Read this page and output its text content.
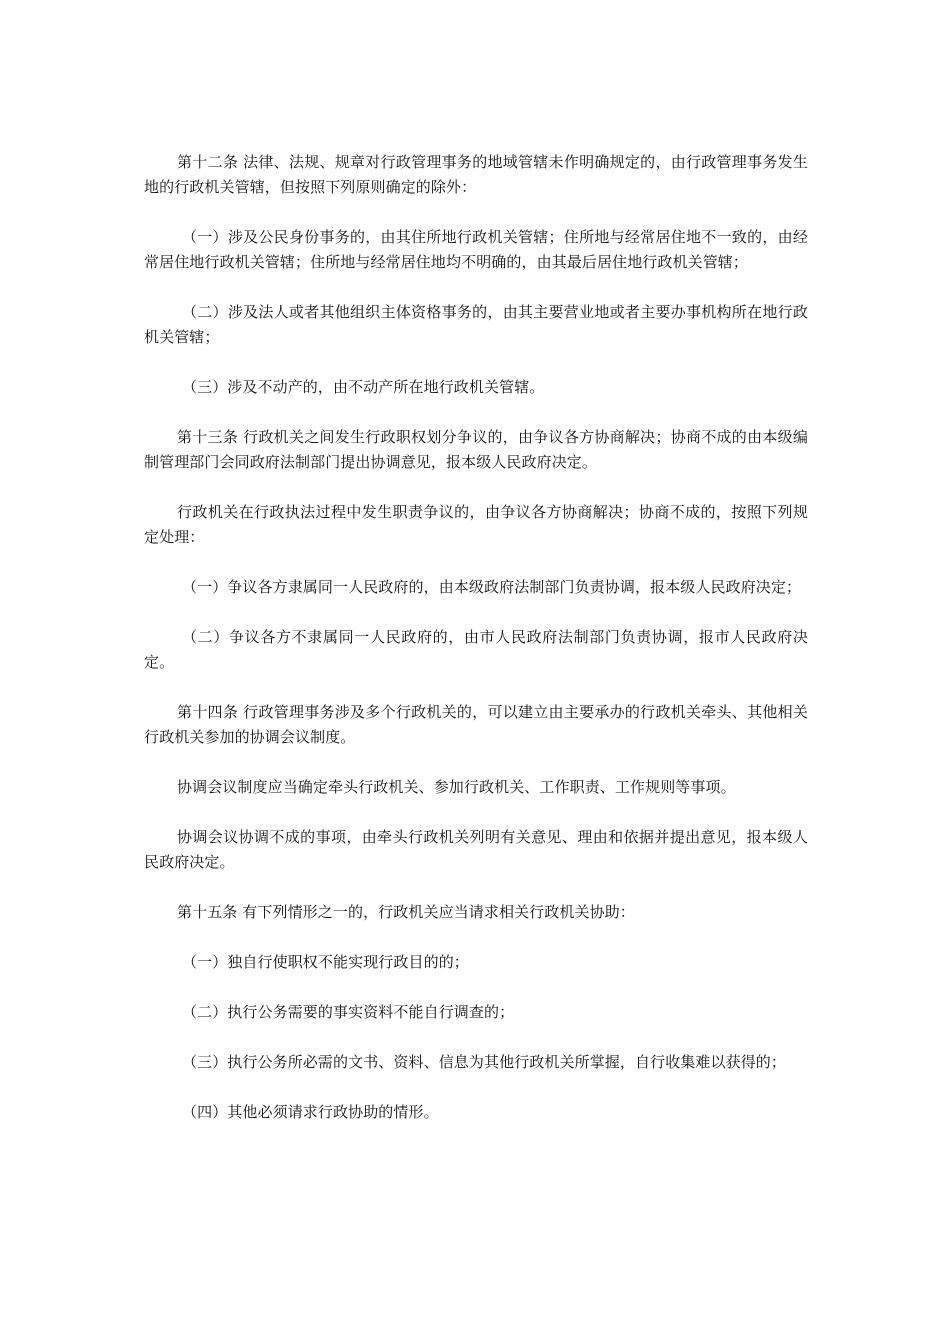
第十二条 法律、法规、规章对行政管理事务的地域管辖未作明确规定的，由行政管理事务发生地的行政机关管辖，但按照下列原则确定的除外：

（一）涉及公民身份事务的，由其住所地行政机关管辖；住所地与经常居住地不一致的，由经常居住地行政机关管辖；住所地与经常居住地均不明确的，由其最后居住地行政机关管辖；

（二）涉及法人或者其他组织主体资格事务的，由其主要营业地或者主要办事机构所在地行政机关管辖；

（三）涉及不动产的，由不动产所在地行政机关管辖。

第十三条 行政机关之间发生行政职权划分争议的，由争议各方协商解决；协商不成的由本级编制管理部门会同政府法制部门提出协调意见，报本级人民政府决定。

行政机关在行政执法过程中发生职责争议的，由争议各方协商解决；协商不成的，按照下列规定处理：

（一）争议各方隶属同一人民政府的，由本级政府法制部门负责协调，报本级人民政府决定；

（二）争议各方不隶属同一人民政府的，由市人民政府法制部门负责协调，报市人民政府决定。

第十四条 行政管理事务涉及多个行政机关的，可以建立由主要承办的行政机关牵头、其他相关行政机关参加的协调会议制度。

协调会议制度应当确定牵头行政机关、参加行政机关、工作职责、工作规则等事项。

协调会议协调不成的事项，由牵头行政机关列明有关意见、理由和依据并提出意见，报本级人民政府决定。

第十五条 有下列情形之一的，行政机关应当请求相关行政机关协助：

（一）独自行使职权不能实现行政目的的；

（二）执行公务需要的事实资料不能自行调查的；

（三）执行公务所必需的文书、资料、信息为其他行政机关所掌握，自行收集难以获得的；

（四）其他必须请求行政协助的情形。
